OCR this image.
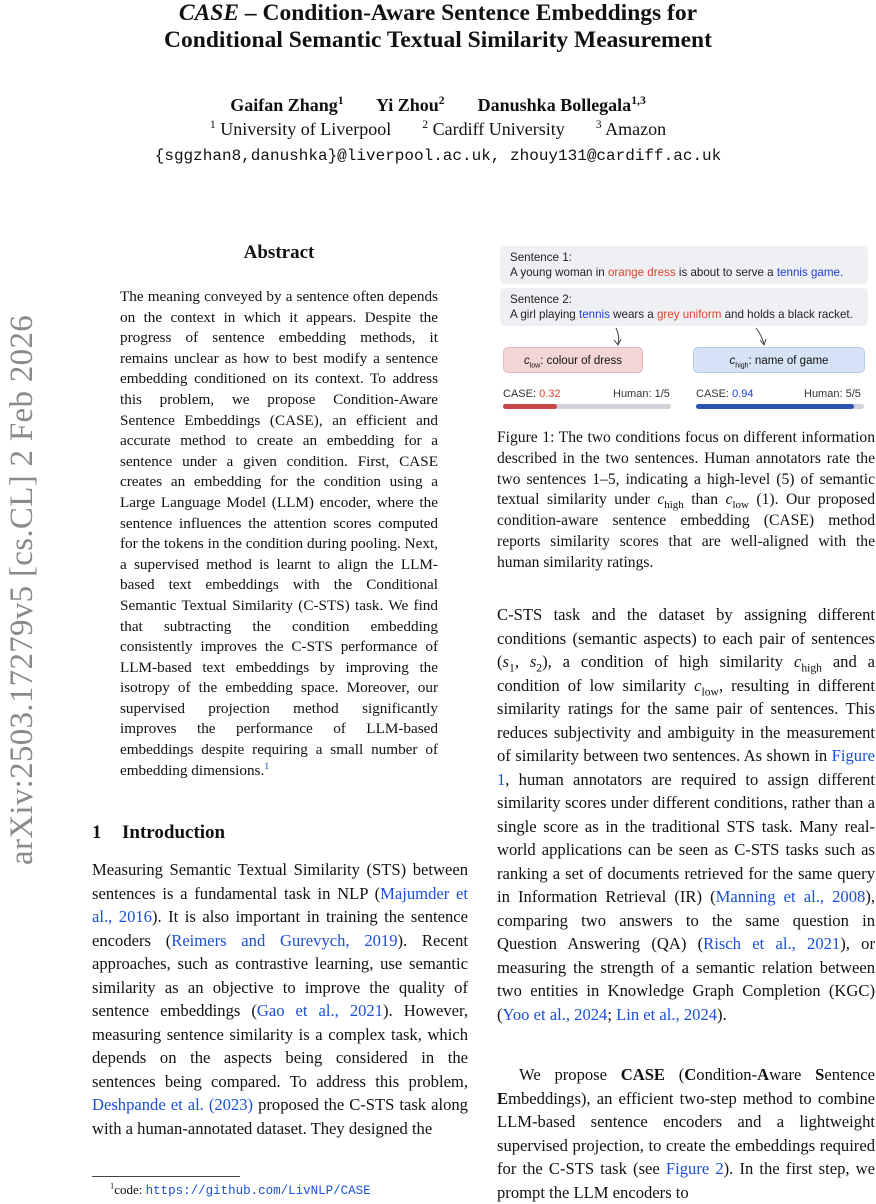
arXiv:2503.17279v5 [cs.CL] 2 Feb 2026
CASE – Condition-Aware Sentence Embeddings for
Conditional Semantic Textual Similarity Measurement
Gaifan Zhang$^1$ Yi Zhou$^2$ Danushka Bollegala$^{1,3}$
$^1$ University of Liverpool	$^2$ Cardiff University	$^3$ Amazon
{sggzhan8,danushka}@liverpool.ac.uk, zhouy131@cardiff.ac.uk
Abstract
The meaning conveyed by a sentence often depends on the context in which it appears. Despite the progress of sentence embedding methods, it remains unclear as how to best modify a sentence embedding conditioned on its context. To address this problem, we propose Condition-Aware Sentence Embeddings (CASE), an efficient and accurate method to create an embedding for a sentence under a given condition. First, CASE creates an embedding for the condition using a Large Language Model (LLM) encoder, where the sentence influences the attention scores computed for the tokens in the condition during pooling. Next, a supervised method is learnt to align the LLM-based text embeddings with the Conditional Semantic Textual Similarity (C-STS) task. We find that subtracting the condition embedding consistently improves the C-STS performance of LLM-based text embeddings by improving the isotropy of the embedding space. Moreover, our supervised projection method significantly improves the performance of LLM-based embeddings despite requiring a small number of embedding dimensions.$^1$
1 Introduction
Measuring Semantic Textual Similarity (STS) between sentences is a fundamental task in NLP (Majumder et al., 2016). It is also important in training the sentence encoders (Reimers and Gurevych, 2019). Recent approaches, such as contrastive learning, use semantic similarity as an objective to improve the quality of sentence embeddings (Gao et al., 2021). However, measuring sentence similarity is a complex task, which depends on the aspects being considered in the sentences being compared. To address this problem, Deshpande et al. (2023) proposed the C-STS task along with a human-annotated dataset. They designed the
Sentence 1:
A young woman in orange dress is about to serve a tennis game.
Sentence 2:
A girl playing tennis wears a grey uniform and holds a black racket.
$c_{low}$: colour of dress	$c_{high}$: name of game
CASE: 0.32	Human: 1/5 CASE: 0.94	Human: 5/5
Figure 1: The two conditions focus on different information described in the two sentences. Human annotators rate the two sentences 1–5, indicating a high-level (5) of semantic textual similarity under $c_{high}$ than $c_{low}$ (1). Our proposed condition-aware sentence embedding (CASE) method reports similarity scores that are well-aligned with the human similarity ratings.
C-STS task and the dataset by assigning different conditions (semantic aspects) to each pair of sentences ($s_1$, $s_2$), a condition of high similarity $c_{high}$ and a condition of low similarity $c_{low}$, resulting in different similarity ratings for the same pair of sentences. This reduces subjectivity and ambiguity in the measurement of similarity between two sentences. As shown in Figure 1, human annotators are required to assign different similarity scores under different conditions, rather than a single score as in the traditional STS task. Many real-world applications can be seen as C-STS tasks such as ranking a set of documents retrieved for the same query in Information Retrieval (IR) (Manning et al., 2008), comparing two answers to the same question in Question Answering (QA) (Risch et al., 2021), or measuring the strength of a semantic relation between two entities in Knowledge Graph Completion (KGC) (Yoo et al., 2024; Lin et al., 2024).
We propose CASE (Condition-Aware Sentence Embeddings), an efficient two-step method to combine LLM-based sentence encoders and a lightweight supervised projection, to create the embeddings required for the C-STS task (see Figure 2). In the first step, we prompt the LLM encoders to
$^1$code: https://github.com/LivNLP/CASE
